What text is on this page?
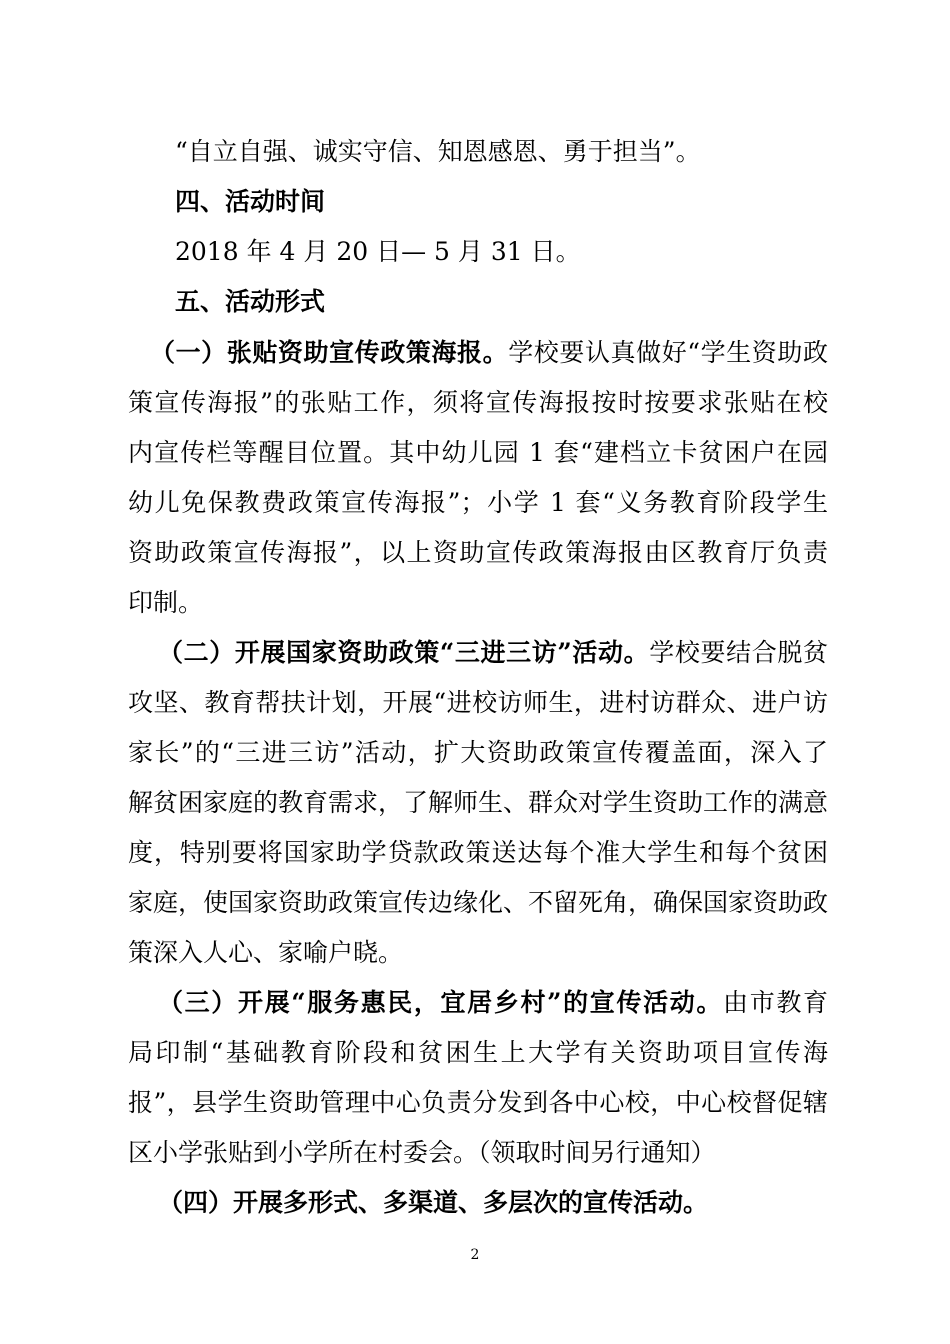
“自立自强、诚实守信、知恩感恩、勇于担当”。
四、活动时间
2018 年 4 月 20 日— 5 月 31 日。
五、活动形式
（一）张贴资助宣传政策海报。学校要认真做好“学生资助政
策宣传海报”的张贴工作，须将宣传海报按时按要求张贴在校
内宣传栏等醒目位置。其中幼儿园 1 套“建档立卡贫困户在园
幼儿免保教费政策宣传海报”；小学 1 套“义务教育阶段学生
资助政策宣传海报”，以上资助宣传政策海报由区教育厅负责
印制。
（二）开展国家资助政策“三进三访”活动。学校要结合脱贫
攻坚、教育帮扶计划，开展“进校访师生，进村访群众、进户访
家长”的“三进三访”活动，扩大资助政策宣传覆盖面，深入了
解贫困家庭的教育需求，了解师生、群众对学生资助工作的满意
度，特别要将国家助学贷款政策送达每个准大学生和每个贫困
家庭，使国家资助政策宣传边缘化、不留死角，确保国家资助政
策深入人心、家喻户晓。
（三）开展“服务惠民，宜居乡村”的宣传活动。由市教育
局印制“基础教育阶段和贫困生上大学有关资助项目宣传海
报”，县学生资助管理中心负责分发到各中心校，中心校督促辖
区小学张贴到小学所在村委会。（领取时间另行通知）
（四）开展多形式、多渠道、多层次的宣传活动。
2
